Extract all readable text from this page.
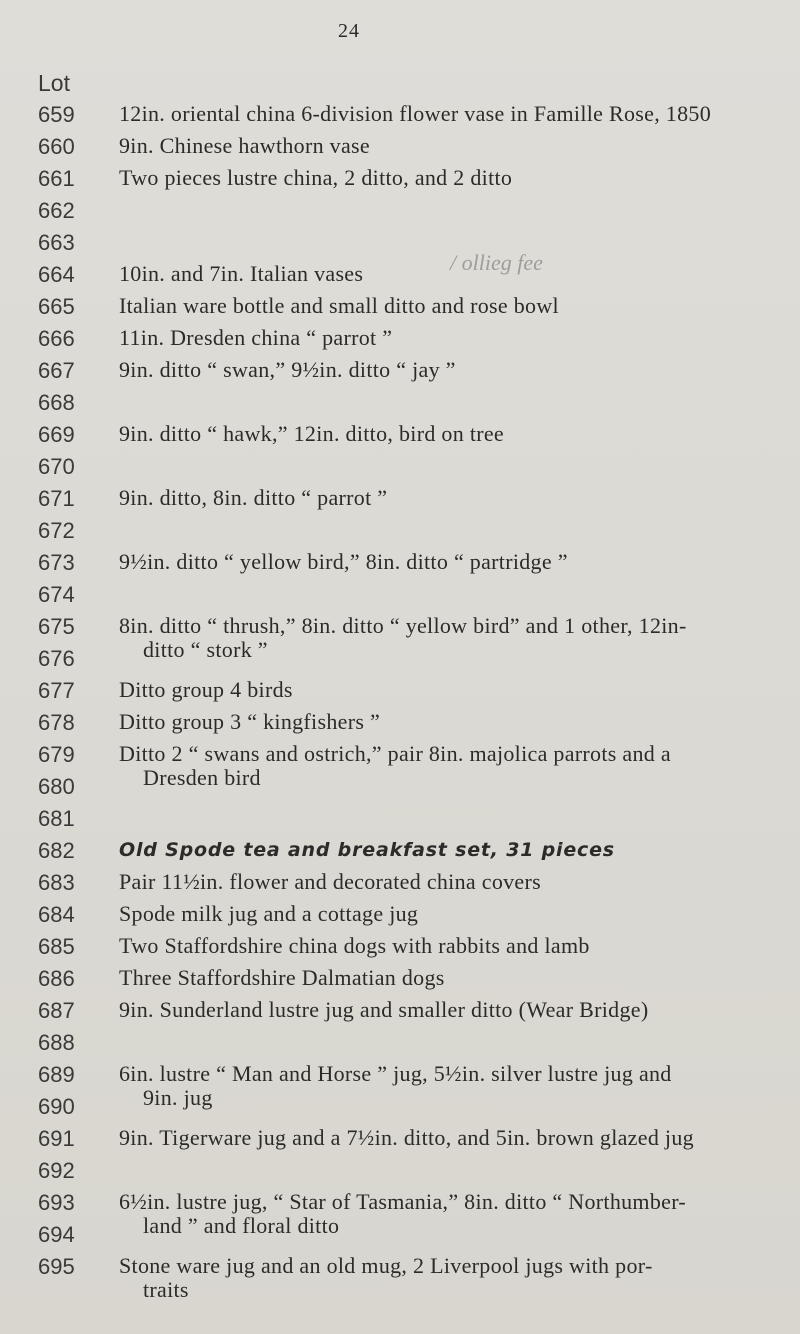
24
Lot
/ ollieg fee
659 12in. oriental china 6-division flower vase in Famille Rose, 1850
660 9in. Chinese hawthorn vase
661 Two pieces lustre china, 2 ditto, and 2 ditto
662
663
664 10in. and 7in. Italian vases
665 Italian ware bottle and small ditto and rose bowl
666 11in. Dresden china “ parrot ”
667 9in. ditto “ swan,” 9½in. ditto “ jay ”
668
669 9in. ditto “ hawk,” 12in. ditto, bird on tree
670
671 9in. ditto, 8in. ditto “ parrot ”
672
673 9½in. ditto “ yellow bird,” 8in. ditto “ partridge ”
674
675 8in. ditto “ thrush,” 8in. ditto “ yellow bird” and 1 other, 12in-
ditto “ stork ”
676
677 Ditto group 4 birds
678 Ditto group 3 “ kingfishers ”
679 Ditto 2 “ swans and ostrich,” pair 8in. majolica parrots and a
Dresden bird
680
681
682 Old Spode tea and breakfast set, 31 pieces
683 Pair 11½in. flower and decorated china covers
684 Spode milk jug and a cottage jug
685 Two Staffordshire china dogs with rabbits and lamb
686 Three Staffordshire Dalmatian dogs
687 9in. Sunderland lustre jug and smaller ditto (Wear Bridge)
688
689 6in. lustre “ Man and Horse ” jug, 5½in. silver lustre jug and
9in. jug
690
691 9in. Tigerware jug and a 7½in. ditto, and 5in. brown glazed jug
692
693 6½in. lustre jug, “ Star of Tasmania,” 8in. ditto “ Northumber-
land ” and floral ditto
694
695 Stone ware jug and an old mug, 2 Liverpool jugs with por-
traits
